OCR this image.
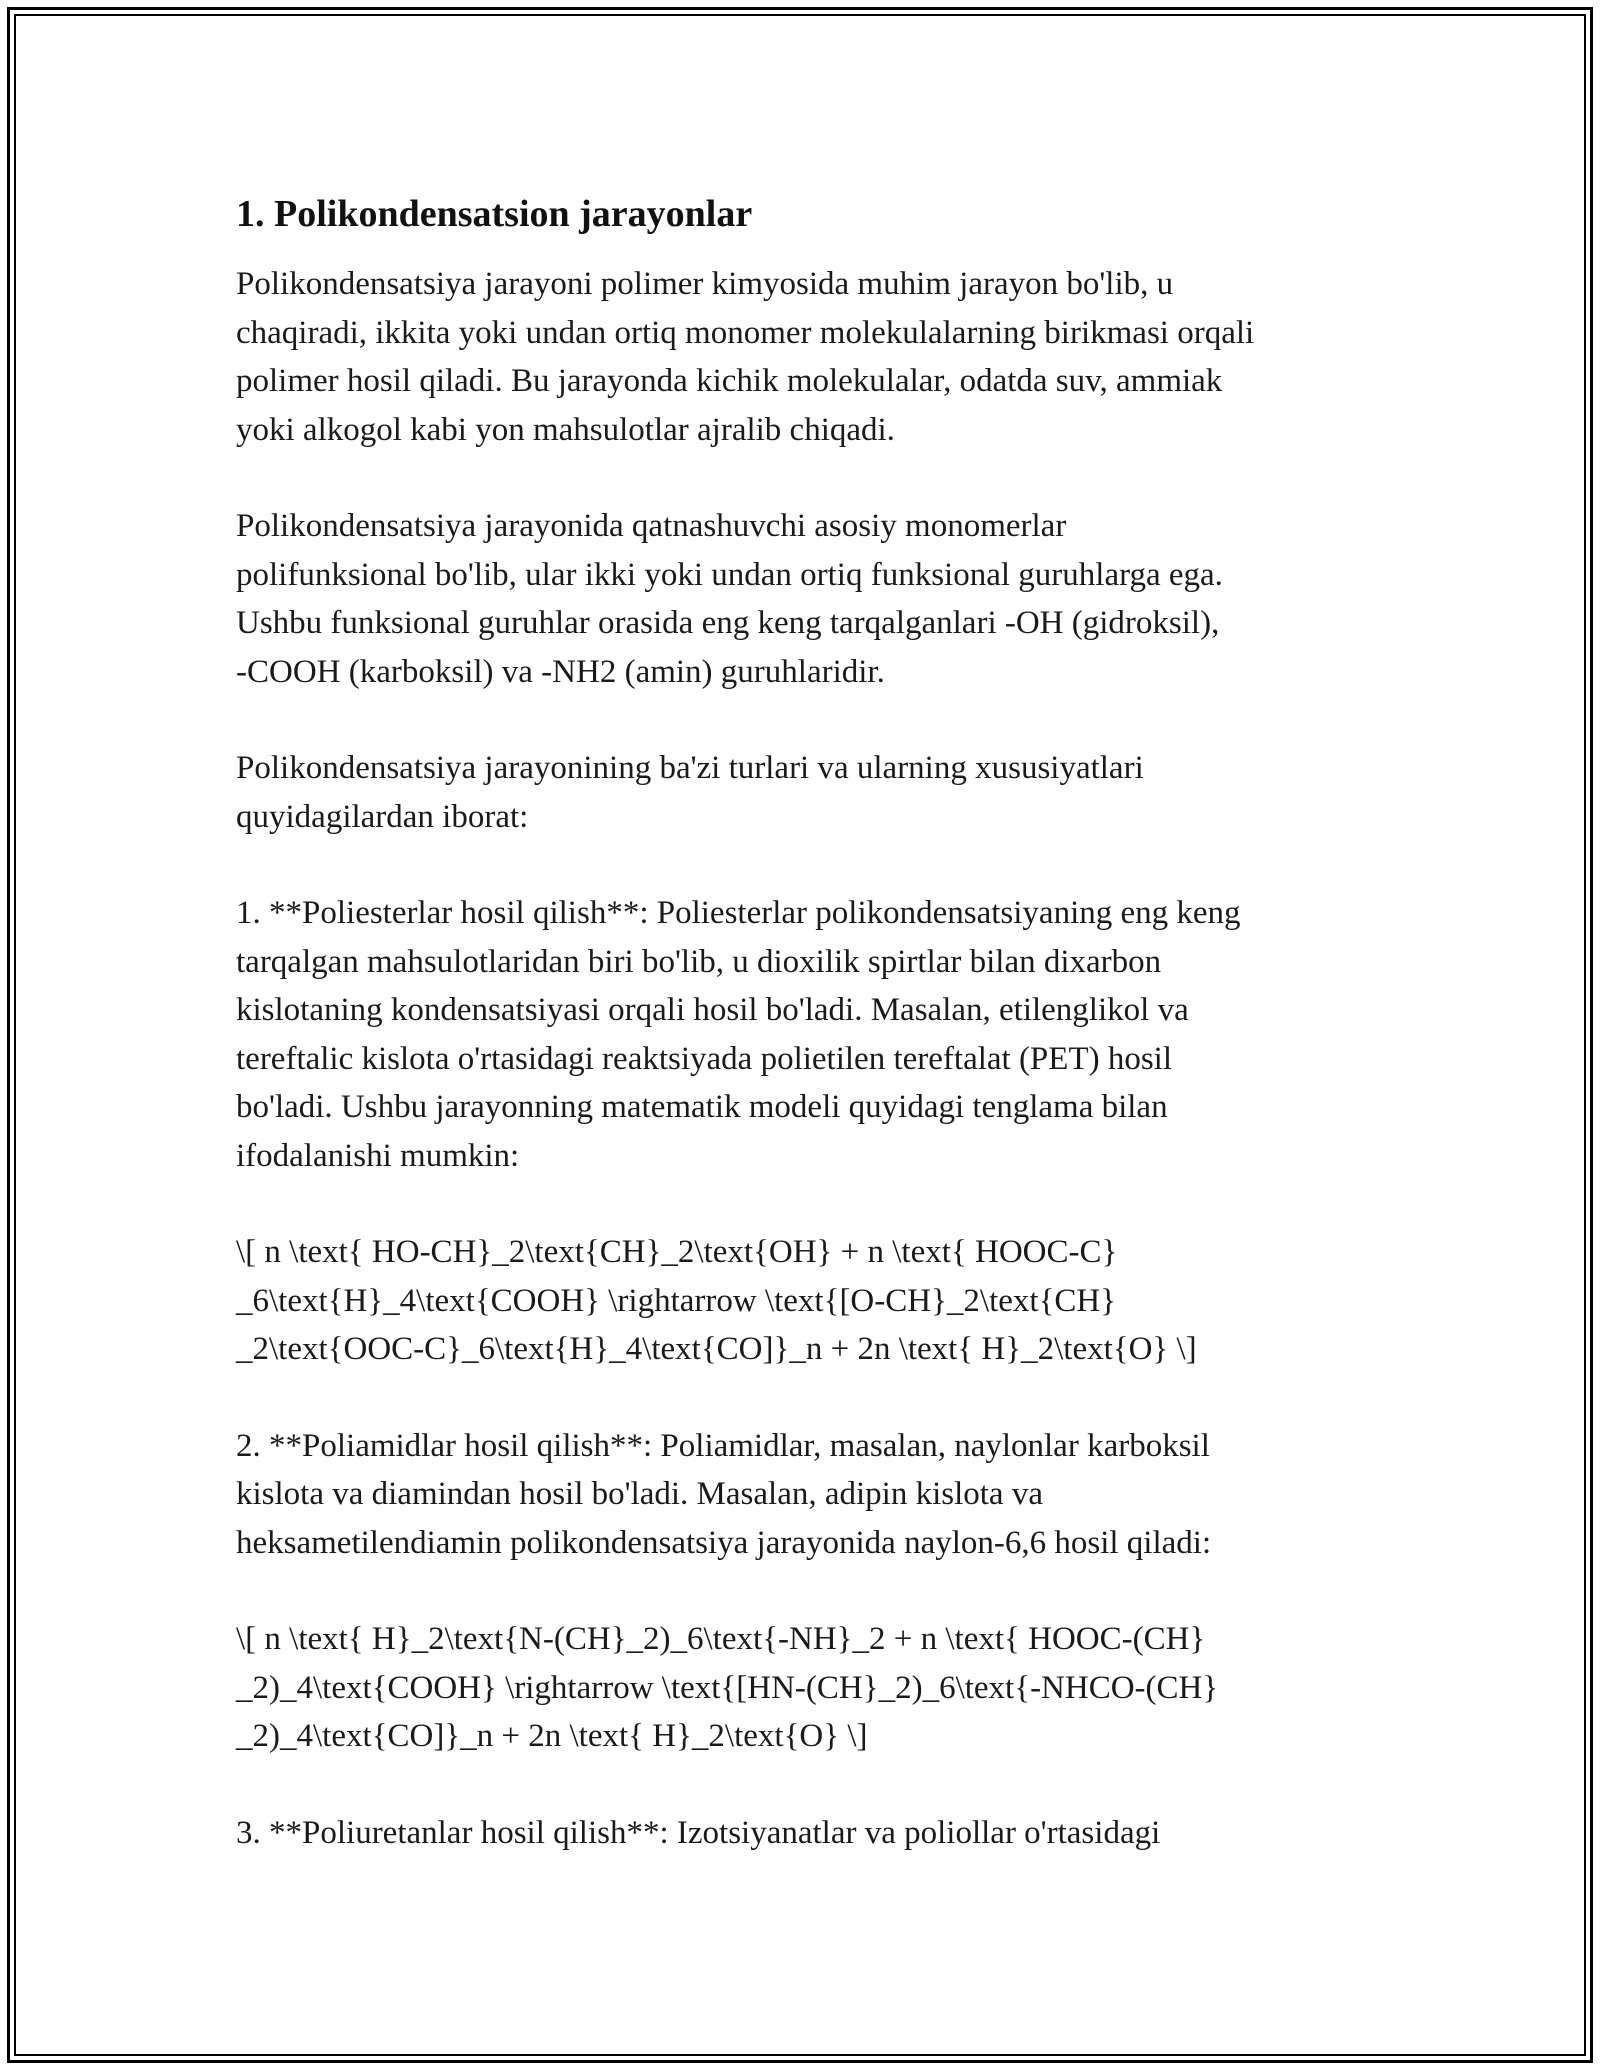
1. Polikondensatsion jarayonlar

Polikondensatsiya jarayoni polimer kimyosida muhim jarayon bo'lib, u
chaqiradi, ikkita yoki undan ortiq monomer molekulalarning birikmasi orqali
polimer hosil qiladi. Bu jarayonda kichik molekulalar, odatda suv, ammiak
yoki alkogol kabi yon mahsulotlar ajralib chiqadi.

Polikondensatsiya jarayonida qatnashuvchi asosiy monomerlar
polifunksional bo'lib, ular ikki yoki undan ortiq funksional guruhlarga ega.
Ushbu funksional guruhlar orasida eng keng tarqalganlari -OH (gidroksil),
-COOH (karboksil) va -NH2 (amin) guruhlaridir.

Polikondensatsiya jarayonining ba'zi turlari va ularning xususiyatlari
quyidagilardan iborat:

1. **Poliesterlar hosil qilish**: Poliesterlar polikondensatsiyaning eng keng
tarqalgan mahsulotlaridan biri bo'lib, u dioxilik spirtlar bilan dixarbon
kislotaning kondensatsiyasi orqali hosil bo'ladi. Masalan, etilenglikol va
tereftalic kislota o'rtasidagi reaktsiyada polietilen tereftalat (PET) hosil
bo'ladi. Ushbu jarayonning matematik modeli quyidagi tenglama bilan
ifodalanishi mumkin:

\[ n \text{ HO-CH}_2\text{CH}_2\text{OH} + n \text{ HOOC-C}
_6\text{H}_4\text{COOH} \rightarrow \text{[O-CH}_2\text{CH}
_2\text{OOC-C}_6\text{H}_4\text{CO]}_n + 2n \text{ H}_2\text{O} \]

2. **Poliamidlar hosil qilish**: Poliamidlar, masalan, naylonlar karboksil
kislota va diamindan hosil bo'ladi. Masalan, adipin kislota va
heksametilendiamin polikondensatsiya jarayonida naylon-6,6 hosil qiladi:

\[ n \text{ H}_2\text{N-(CH}_2)_6\text{-NH}_2 + n \text{ HOOC-(CH}
_2)_4\text{COOH} \rightarrow \text{[HN-(CH}_2)_6\text{-NHCO-(CH}
_2)_4\text{CO]}_n + 2n \text{ H}_2\text{O} \]

3. **Poliuretanlar hosil qilish**: Izotsiyanatlar va poliollar o'rtasidagi
